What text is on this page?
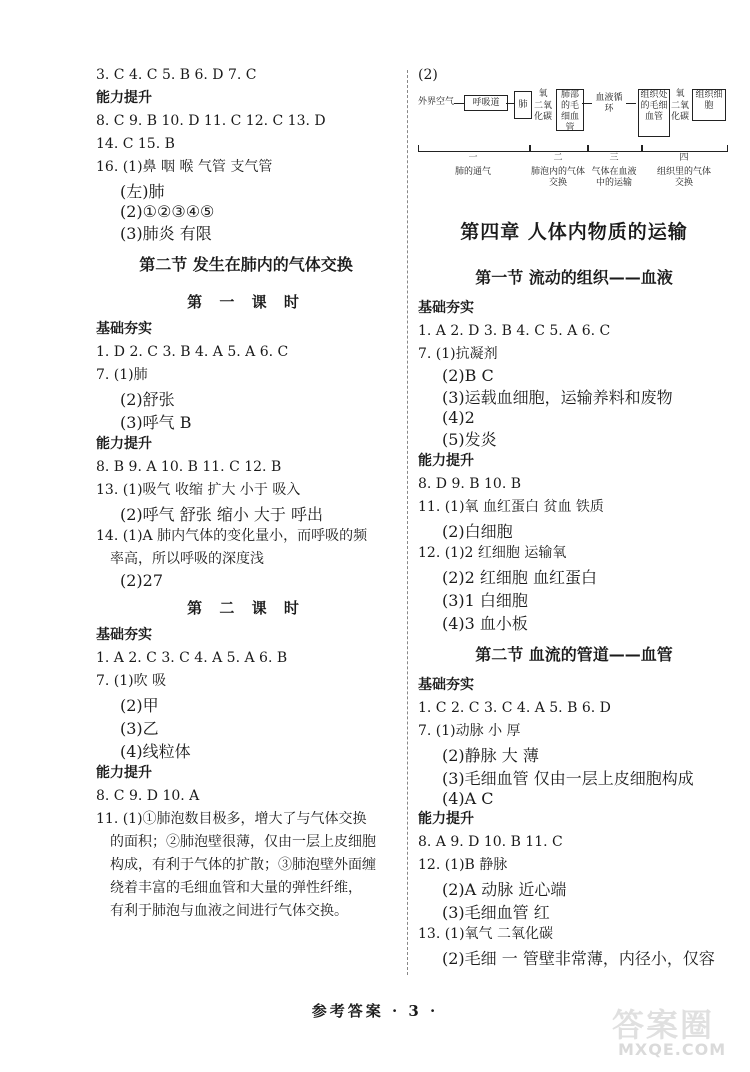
3. C 4. C 5. B 6. D 7. C
能力提升
8. C 9. B 10. D 11. C 12. C 13. D
14. C 15. B
16. (1)鼻 咽 喉 气管 支气管
(左)肺
(2)①②③④⑤
(3)肺炎 有限
第二节 发生在肺内的气体交换
第 一 课 时
基础夯实
1. D 2. C 3. B 4. A 5. A 6. C
7. (1)肺
(2)舒张
(3)呼气 B
能力提升
8. B 9. A 10. B 11. C 12. B
13. (1)吸气 收缩 扩大 小于 吸入
(2)呼气 舒张 缩小 大于 呼出
14. (1)A 肺内气体的变化量小，而呼吸的频
率高，所以呼吸的深度浅
(2)27
第 二 课 时
基础夯实
1. A 2. C 3. C 4. A 5. A 6. B
7. (1)吹 吸
(2)甲
(3)乙
(4)线粒体
能力提升
8. C 9. D 10. A
11. (1)①肺泡数目极多，增大了与气体交换
的面积；②肺泡壁很薄，仅由一层上皮细胞
构成，有利于气体的扩散；③肺泡壁外面缠
绕着丰富的毛细血管和大量的弹性纤维，
有利于肺泡与血液之间进行气体交换。
(2)
外界空气	呼吸道	肺
氧
二氧化碳
肺部的毛细血管
血液循环
组织处的毛细血管
氧
二氧化碳
组织细胞
一	二	三	四
肺的通气	肺泡内的气体交换
气体在血液中的运输
组织里的气体交换
第四章 人体内物质的运输
第一节 流动的组织——血液
基础夯实
1. A 2. D 3. B 4. C 5. A 6. C
7. (1)抗凝剂
(2)B C
(3)运载血细胞，运输养料和废物
(4)2
(5)发炎
能力提升
8. D 9. B 10. B
11. (1)氧 血红蛋白 贫血 铁质
(2)白细胞
12. (1)2 红细胞 运输氧
(2)2 红细胞 血红蛋白
(3)1 白细胞
(4)3 血小板
第二节 血流的管道——血管
基础夯实
1. C 2. C 3. C 4. A 5. B 6. D
7. (1)动脉 小 厚
(2)静脉 大 薄
(3)毛细血管 仅由一层上皮细胞构成
(4)A C
能力提升
8. A 9. D 10. B 11. C
12. (1)B 静脉
(2)A 动脉 近心端
(3)毛细血管 红
13. (1)氧气 二氧化碳
(2)毛细 一 管壁非常薄，内径小，仅容
参考答案 · 3 ·	答案圈
MXQE.COM
